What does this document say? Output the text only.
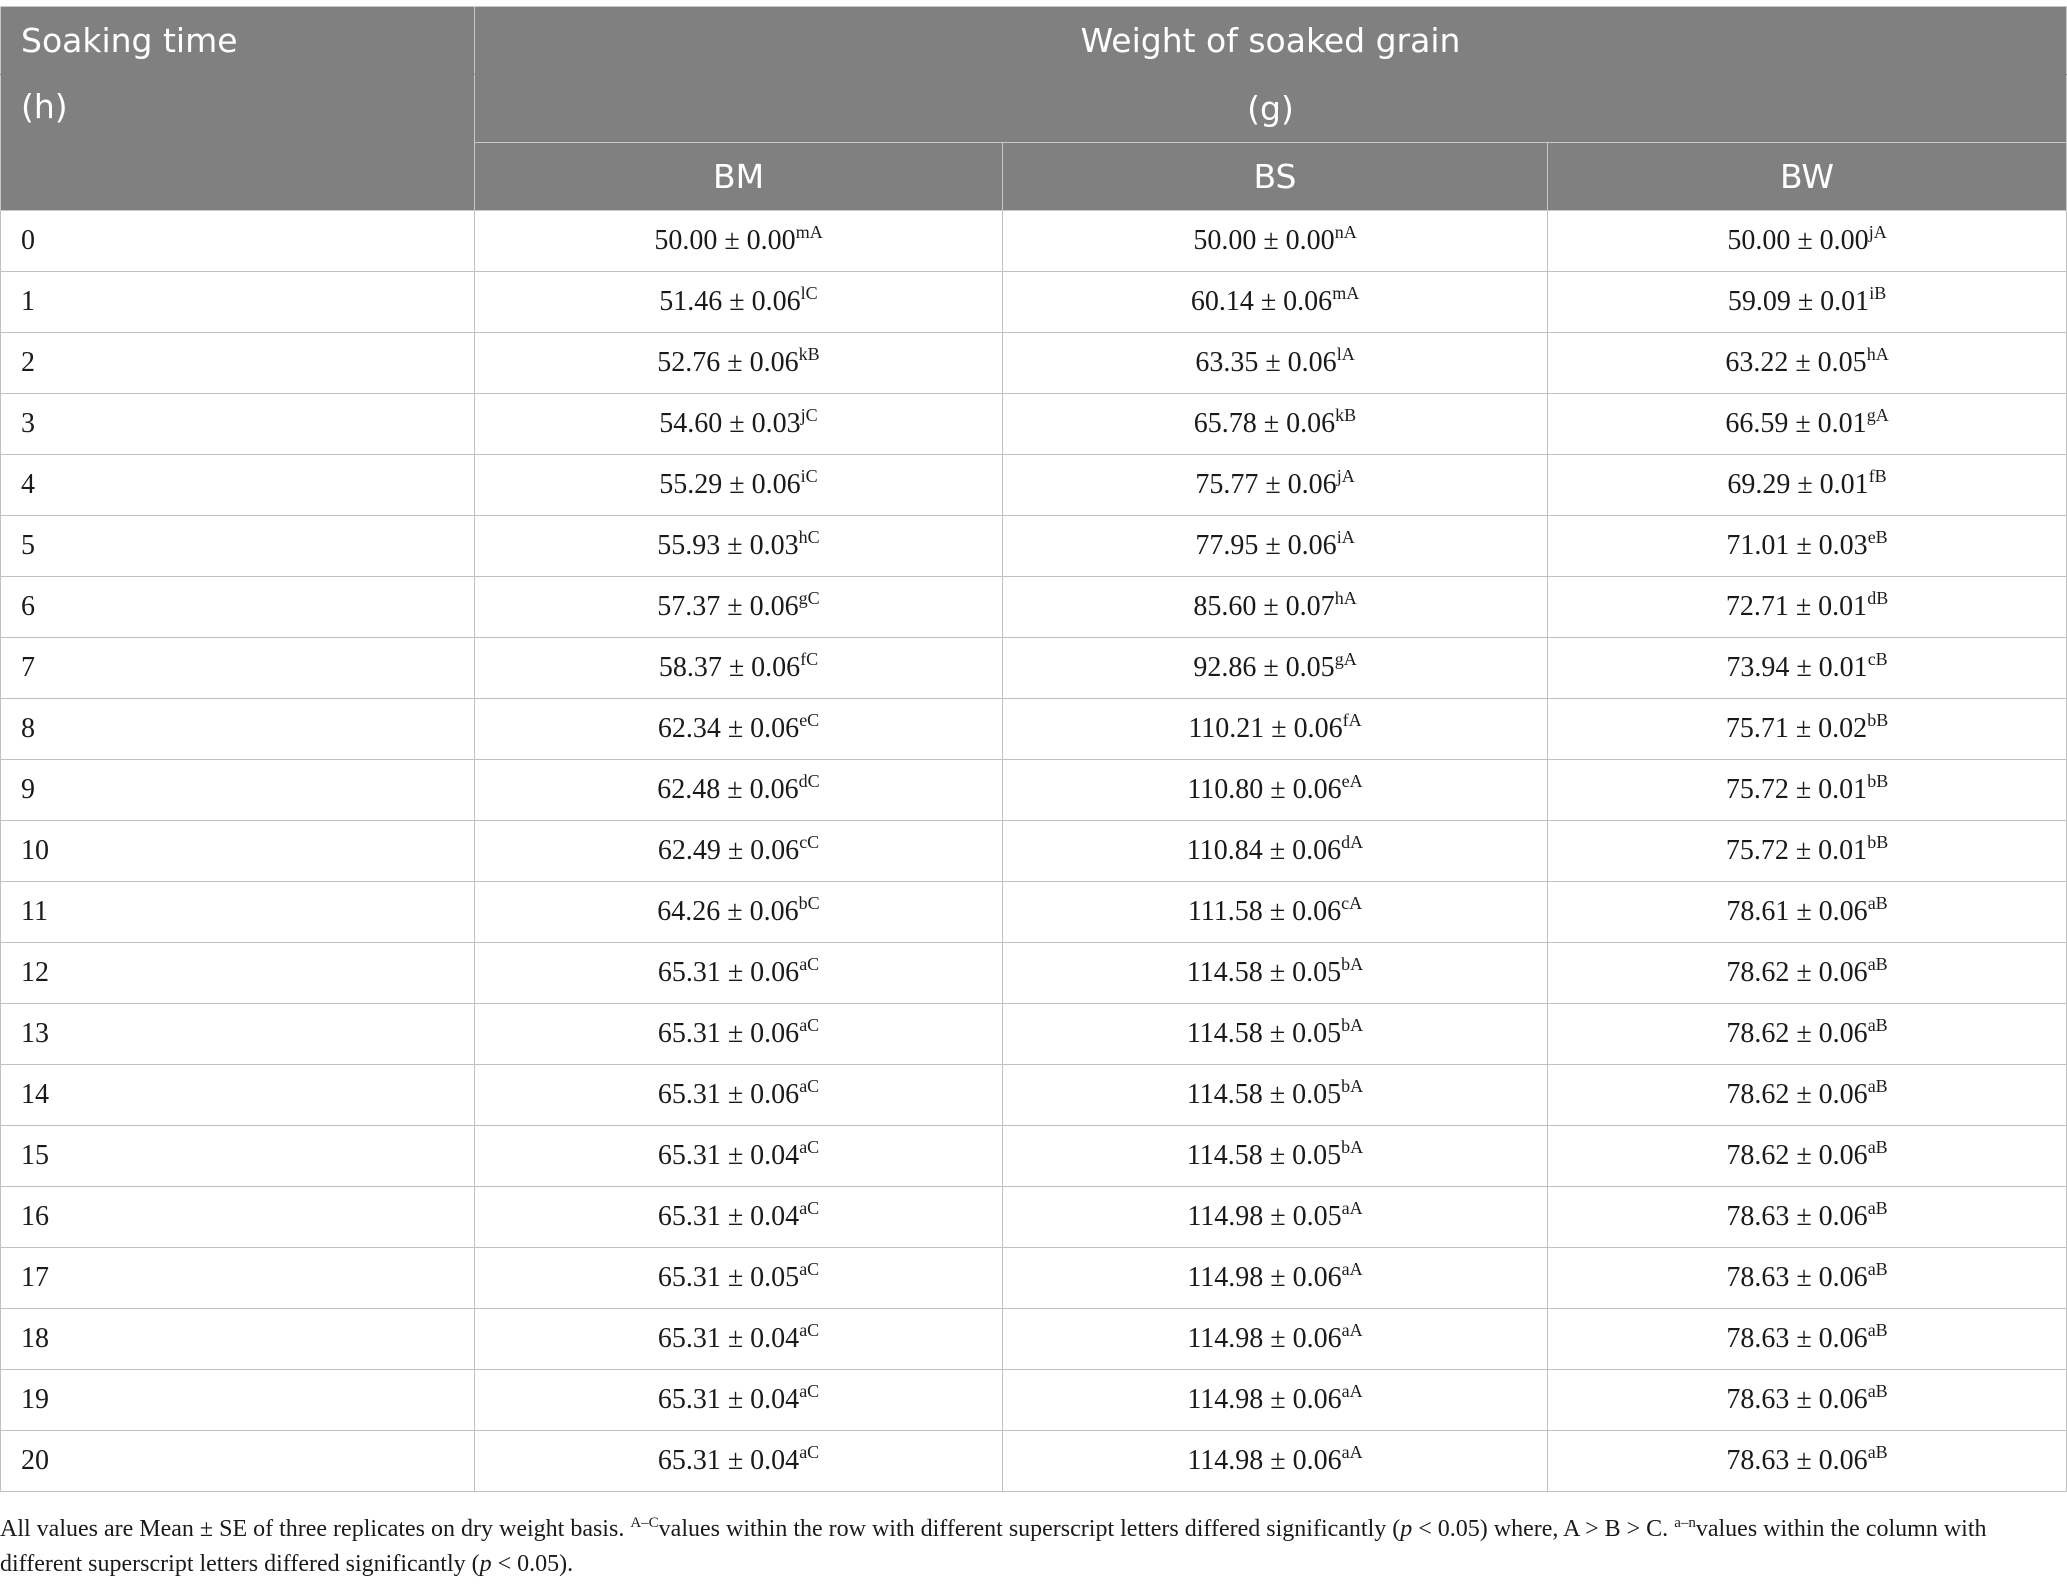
Soaking time	Weight of soaked grain		
(h)	(g)		
	BM	BS	BW
0	$50.00 \pm 0.00^{mA}$	$50.00 \pm 0.00^{nA}$	$50.00 \pm 0.00^{jA}$
1	$51.46 \pm 0.06^{lC}$	$60.14 \pm 0.06^{mA}$	$59.09 \pm 0.01^{iB}$
2	$52.76 \pm 0.06^{kB}$	$63.35 \pm 0.06^{lA}$	$63.22 \pm 0.05^{hA}$
3	$54.60 \pm 0.03^{jC}$	$65.78 \pm 0.06^{kB}$	$66.59 \pm 0.01^{gA}$
4	$55.29 \pm 0.06^{iC}$	$75.77 \pm 0.06^{jA}$	$69.29 \pm 0.01^{fB}$
5	$55.93 \pm 0.03^{hC}$	$77.95 \pm 0.06^{iA}$	$71.01 \pm 0.03^{eB}$
6	$57.37 \pm 0.06^{gC}$	$85.60 \pm 0.07^{hA}$	$72.71 \pm 0.01^{dB}$
7	$58.37 \pm 0.06^{fC}$	$92.86 \pm 0.05^{gA}$	$73.94 \pm 0.01^{cB}$
8	$62.34 \pm 0.06^{eC}$	$110.21 \pm 0.06^{fA}$	$75.71 \pm 0.02^{bB}$
9	$62.48 \pm 0.06^{dC}$	$110.80 \pm 0.06^{eA}$	$75.72 \pm 0.01^{bB}$
10	$62.49 \pm 0.06^{cC}$	$110.84 \pm 0.06^{dA}$	$75.72 \pm 0.01^{bB}$
11	$64.26 \pm 0.06^{bC}$	$111.58 \pm 0.06^{cA}$	$78.61 \pm 0.06^{aB}$
12	$65.31 \pm 0.06^{aC}$	$114.58 \pm 0.05^{bA}$	$78.62 \pm 0.06^{aB}$
13	$65.31 \pm 0.06^{aC}$	$114.58 \pm 0.05^{bA}$	$78.62 \pm 0.06^{aB}$
14	$65.31 \pm 0.06^{aC}$	$114.58 \pm 0.05^{bA}$	$78.62 \pm 0.06^{aB}$
15	$65.31 \pm 0.04^{aC}$	$114.58 \pm 0.05^{bA}$	$78.62 \pm 0.06^{aB}$
16	$65.31 \pm 0.04^{aC}$	$114.98 \pm 0.05^{aA}$	$78.63 \pm 0.06^{aB}$
17	$65.31 \pm 0.05^{aC}$	$114.98 \pm 0.06^{aA}$	$78.63 \pm 0.06^{aB}$
18	$65.31 \pm 0.04^{aC}$	$114.98 \pm 0.06^{aA}$	$78.63 \pm 0.06^{aB}$
19	$65.31 \pm 0.04^{aC}$	$114.98 \pm 0.06^{aA}$	$78.63 \pm 0.06^{aB}$
20	$65.31 \pm 0.04^{aC}$	$114.98 \pm 0.06^{aA}$	$78.63 \pm 0.06^{aB}$
All values are Mean ± SE of three replicates on dry weight basis. $^{A-C}$values within the row with different superscript letters differed significantly (p < 0.05) where, A > B > C. $^{a-n}$values within the column with different superscript letters differed significantly (p < 0.05).
